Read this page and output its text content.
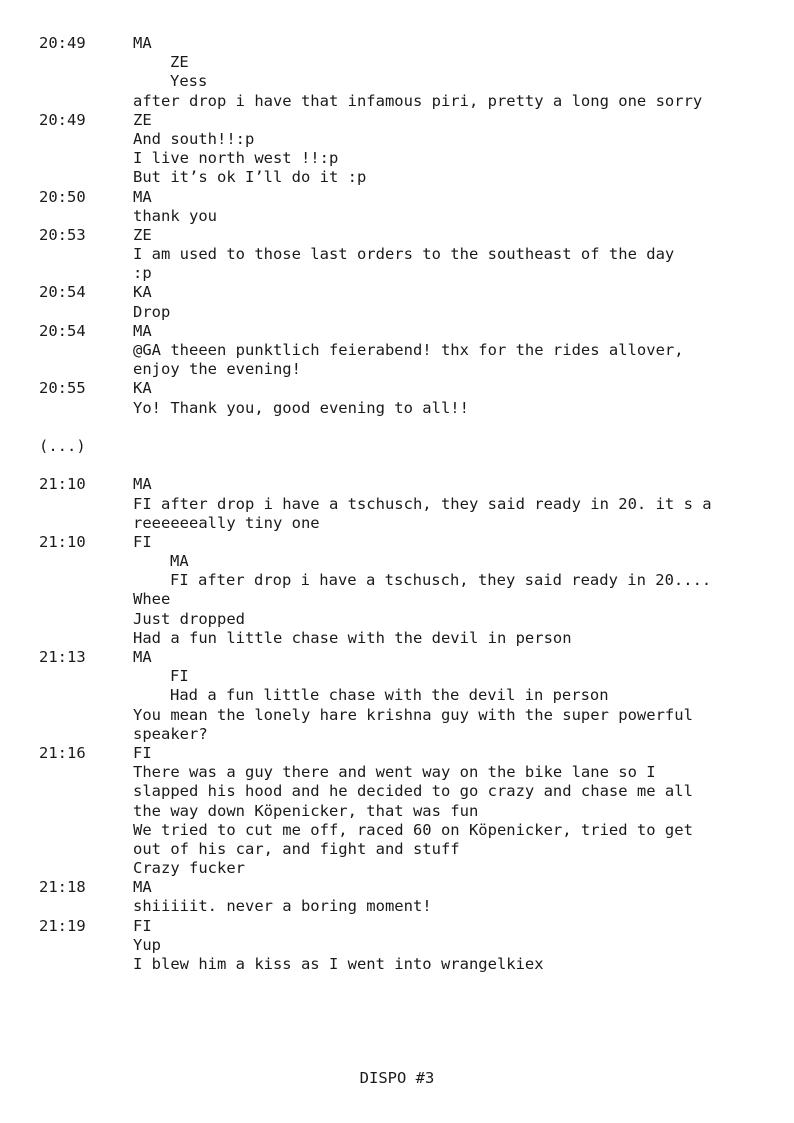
20:49	MA
ZE
Yess
after drop i have that infamous piri, pretty a long one sorry
20:49	ZE
And south!!:p
I live north west !!:p
But it’s ok I’ll do it :p
20:50	MA
thank you
20:53	ZE
I am used to those last orders to the southeast of the day
:p
20:54	KA
Drop
20:54	MA
@GA theeen punktlich feierabend! thx for the rides allover,
enjoy the evening!
20:55	KA
Yo! Thank you, good evening to all!!
(...)
21:10	MA
FI after drop i have a tschusch, they said ready in 20. it s a
reeeeeeally tiny one
21:10	FI
MA
FI after drop i have a tschusch, they said ready in 20....
Whee
Just dropped
Had a fun little chase with the devil in person
21:13	MA
FI
Had a fun little chase with the devil in person
You mean the lonely hare krishna guy with the super powerful
speaker?
21:16	FI
There was a guy there and went way on the bike lane so I
slapped his hood and he decided to go crazy and chase me all
the way down Köpenicker, that was fun
We tried to cut me off, raced 60 on Köpenicker, tried to get
out of his car, and fight and stuff
Crazy fucker
21:18	MA
shiiiiit. never a boring moment!
21:19	FI
Yup
I blew him a kiss as I went into wrangelkiex
DISPO #3
